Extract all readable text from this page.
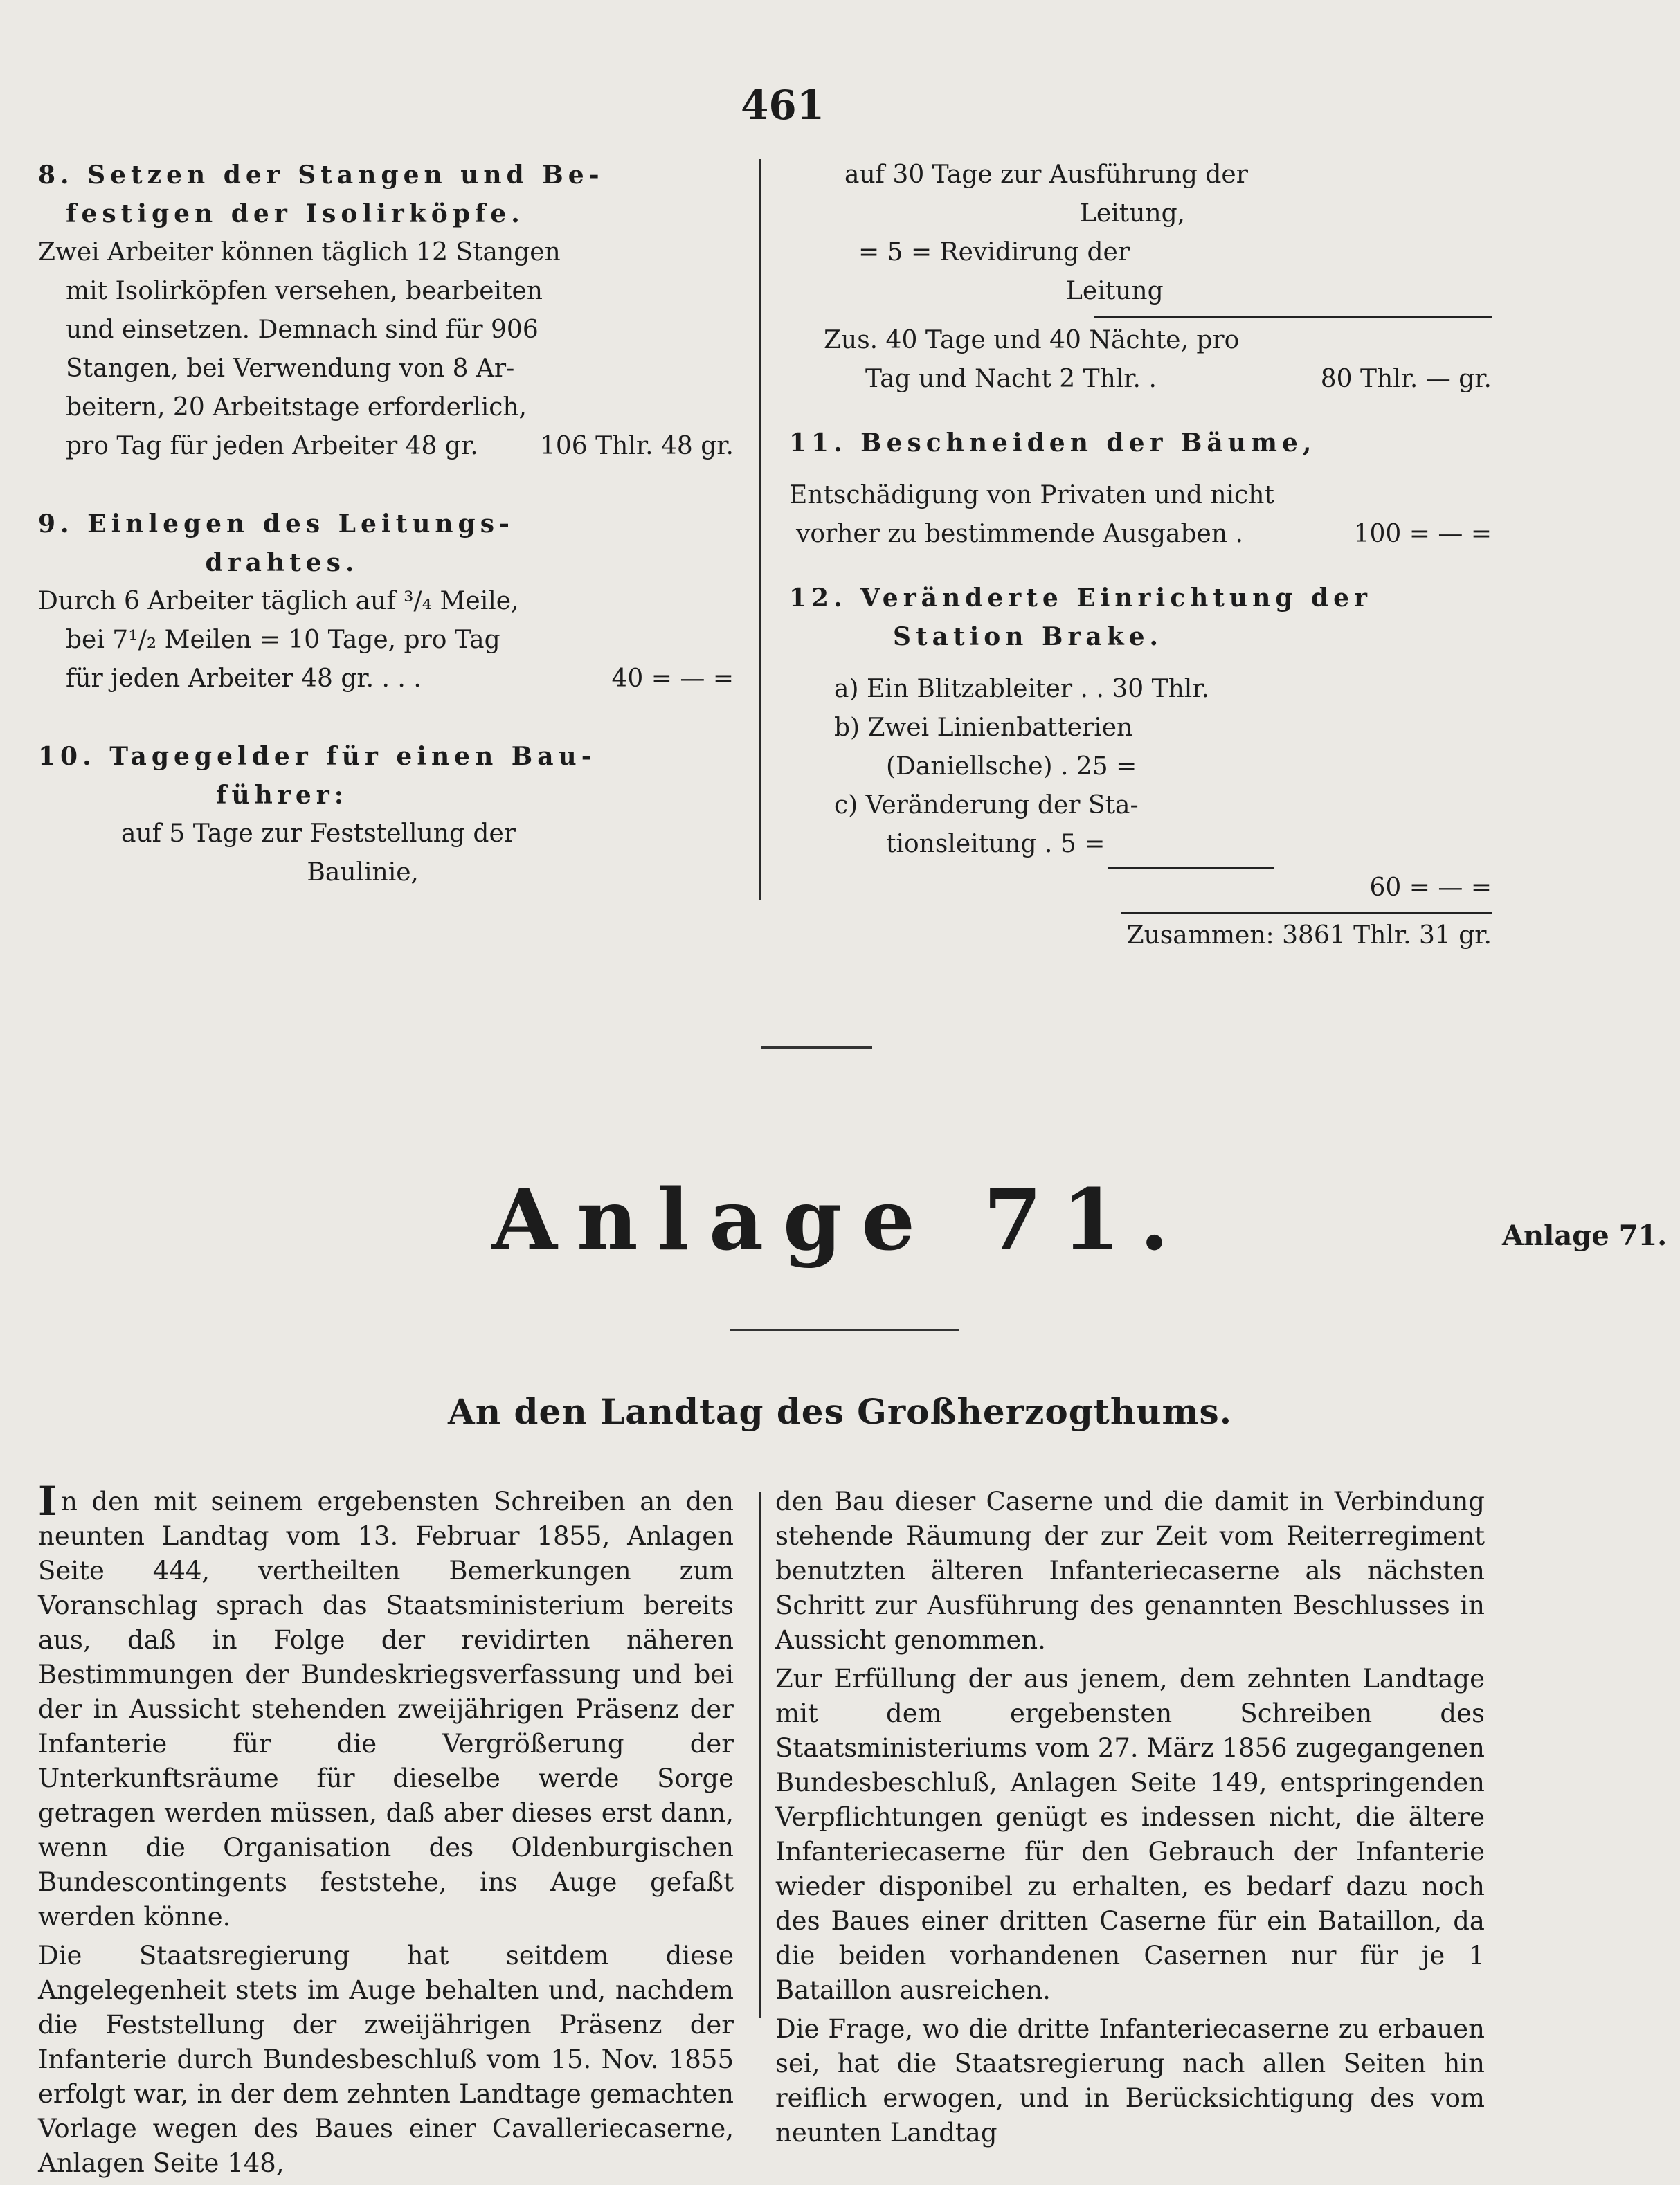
461
8. Setzen der Stangen und Be-
festigen der Isolirköpfe.
Zwei Arbeiter können täglich 12 Stangen
mit Isolirköpfen versehen, bearbeiten
und einsetzen. Demnach sind für 906
Stangen, bei Verwendung von 8 Ar-
beitern, 20 Arbeitstage erforderlich,
pro Tag für jeden Arbeiter 48 gr.	106 Thlr. 48 gr.
9. Einlegen des Leitungs-
drahtes.
Durch 6 Arbeiter täglich auf ³/₄ Meile,
bei 7¹/₂ Meilen = 10 Tage, pro Tag
für jeden Arbeiter 48 gr. . . .	40 = — =
10. Tagegelder für einen Bau-
führer:
auf 5 Tage zur Feststellung der
Baulinie,
auf 30 Tage zur Ausführung der
Leitung,
= 5 = Revidirung der
Leitung
Zus. 40 Tage und 40 Nächte, pro
Tag und Nacht 2 Thlr. .	80 Thlr. — gr.
11. Beschneiden der Bäume,
Entschädigung von Privaten und nicht
vorher zu bestimmende Ausgaben .	100 = — =
12. Veränderte Einrichtung der
Station Brake.
a) Ein Blitzableiter . . 30 Thlr.
b) Zwei Linienbatterien
(Daniellsche) . 25 =
c) Veränderung der Sta-
tionsleitung . 5 =
60 = — =
Zusammen: 3861 Thlr. 31 gr.
Anlage 71.	Anlage 71.
An den Landtag des Großherzogthums.

In den mit seinem ergebensten Schreiben an den neunten Landtag vom 13. Februar 1855, Anlagen Seite 444, vertheilten Bemerkungen zum Voranschlag sprach das Staatsministerium bereits aus, daß in Folge der revidirten näheren Bestimmungen der Bundeskriegsverfassung und bei der in Aussicht stehenden zweijährigen Präsenz der Infanterie für die Vergrößerung der Unterkunftsräume für dieselbe werde Sorge getragen werden müssen, daß aber dieses erst dann, wenn die Organisation des Oldenburgischen Bundescontingents feststehe, ins Auge gefaßt werden könne.

Die Staatsregierung hat seitdem diese Angelegenheit stets im Auge behalten und, nachdem die Feststellung der zweijährigen Präsenz der Infanterie durch Bundesbeschluß vom 15. Nov. 1855 erfolgt war, in der dem zehnten Landtage gemachten Vorlage wegen des Baues einer Cavalleriecaserne, Anlagen Seite 148,

den Bau dieser Caserne und die damit in Verbindung stehende Räumung der zur Zeit vom Reiterregiment benutzten älteren Infanteriecaserne als nächsten Schritt zur Ausführung des genannten Beschlusses in Aussicht genommen.

Zur Erfüllung der aus jenem, dem zehnten Landtage mit dem ergebensten Schreiben des Staatsministeriums vom 27. März 1856 zugegangenen Bundesbeschluß, Anlagen Seite 149, entspringenden Verpflichtungen genügt es indessen nicht, die ältere Infanteriecaserne für den Gebrauch der Infanterie wieder disponibel zu erhalten, es bedarf dazu noch des Baues einer dritten Caserne für ein Bataillon, da die beiden vorhandenen Casernen nur für je 1 Bataillon ausreichen.

Die Frage, wo die dritte Infanteriecaserne zu erbauen sei, hat die Staatsregierung nach allen Seiten hin reiflich erwogen, und in Berücksichtigung des vom neunten Landtag
